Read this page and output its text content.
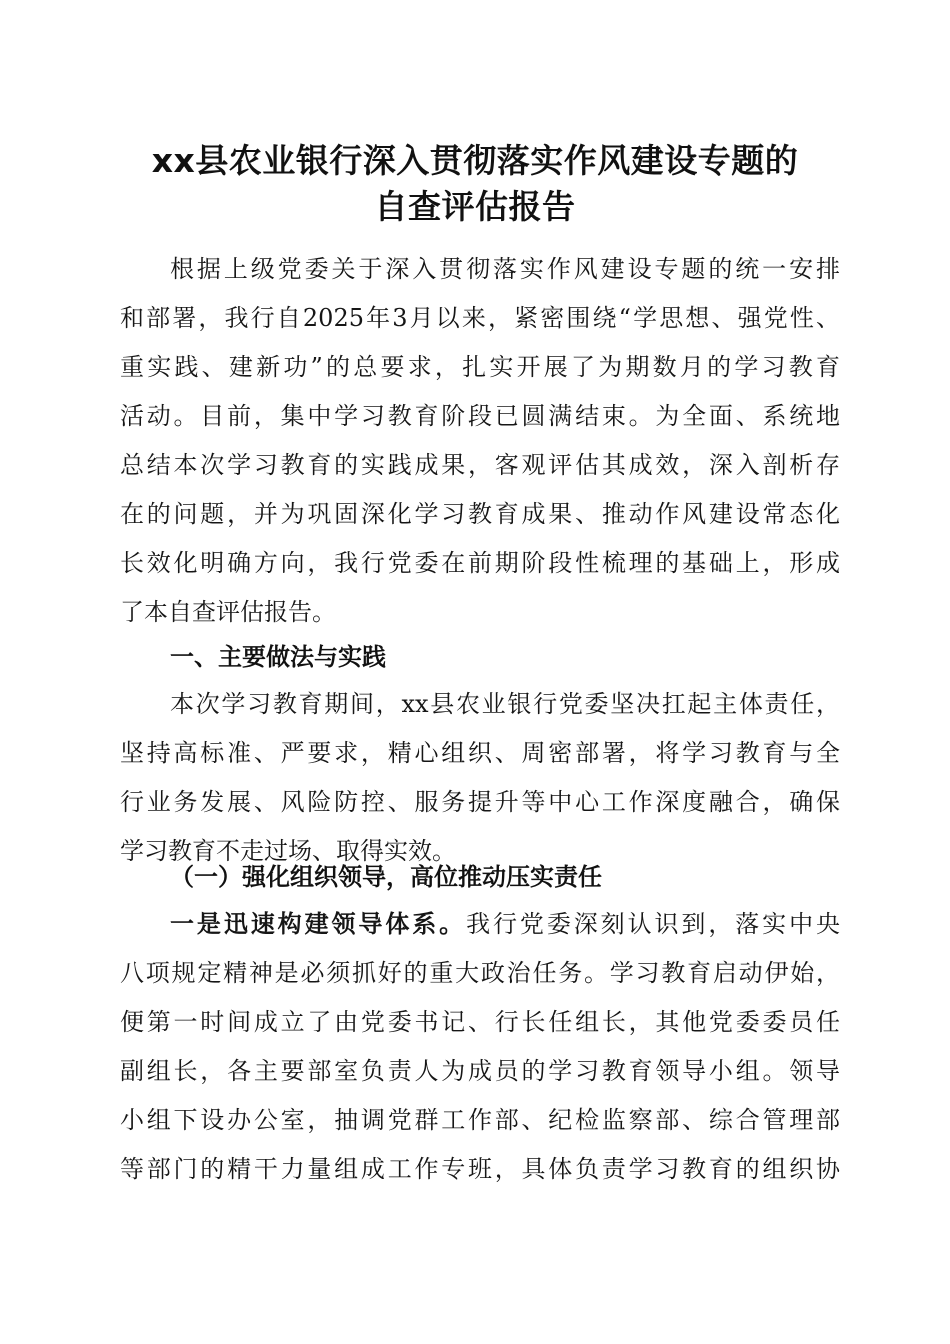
xx县农业银行深入贯彻落实作风建设专题的
自查评估报告
根据上级党委关于深入贯彻落实作风建设专题的统一安排
和部署，我行自2025年3月以来，紧密围绕“学思想、强党性、
重实践、建新功”的总要求，扎实开展了为期数月的学习教育
活动。目前，集中学习教育阶段已圆满结束。为全面、系统地
总结本次学习教育的实践成果，客观评估其成效，深入剖析存
在的问题，并为巩固深化学习教育成果、推动作风建设常态化
长效化明确方向，我行党委在前期阶段性梳理的基础上，形成
了本自查评估报告。
一、主要做法与实践
本次学习教育期间，xx县农业银行党委坚决扛起主体责任，
坚持高标准、严要求，精心组织、周密部署，将学习教育与全
行业务发展、风险防控、服务提升等中心工作深度融合，确保
学习教育不走过场、取得实效。
（一）强化组织领导，高位推动压实责任
一是迅速构建领导体系。我行党委深刻认识到，落实中央
八项规定精神是必须抓好的重大政治任务。学习教育启动伊始，
便第一时间成立了由党委书记、行长任组长，其他党委委员任
副组长，各主要部室负责人为成员的学习教育领导小组。领导
小组下设办公室，抽调党群工作部、纪检监察部、综合管理部
等部门的精干力量组成工作专班，具体负责学习教育的组织协
